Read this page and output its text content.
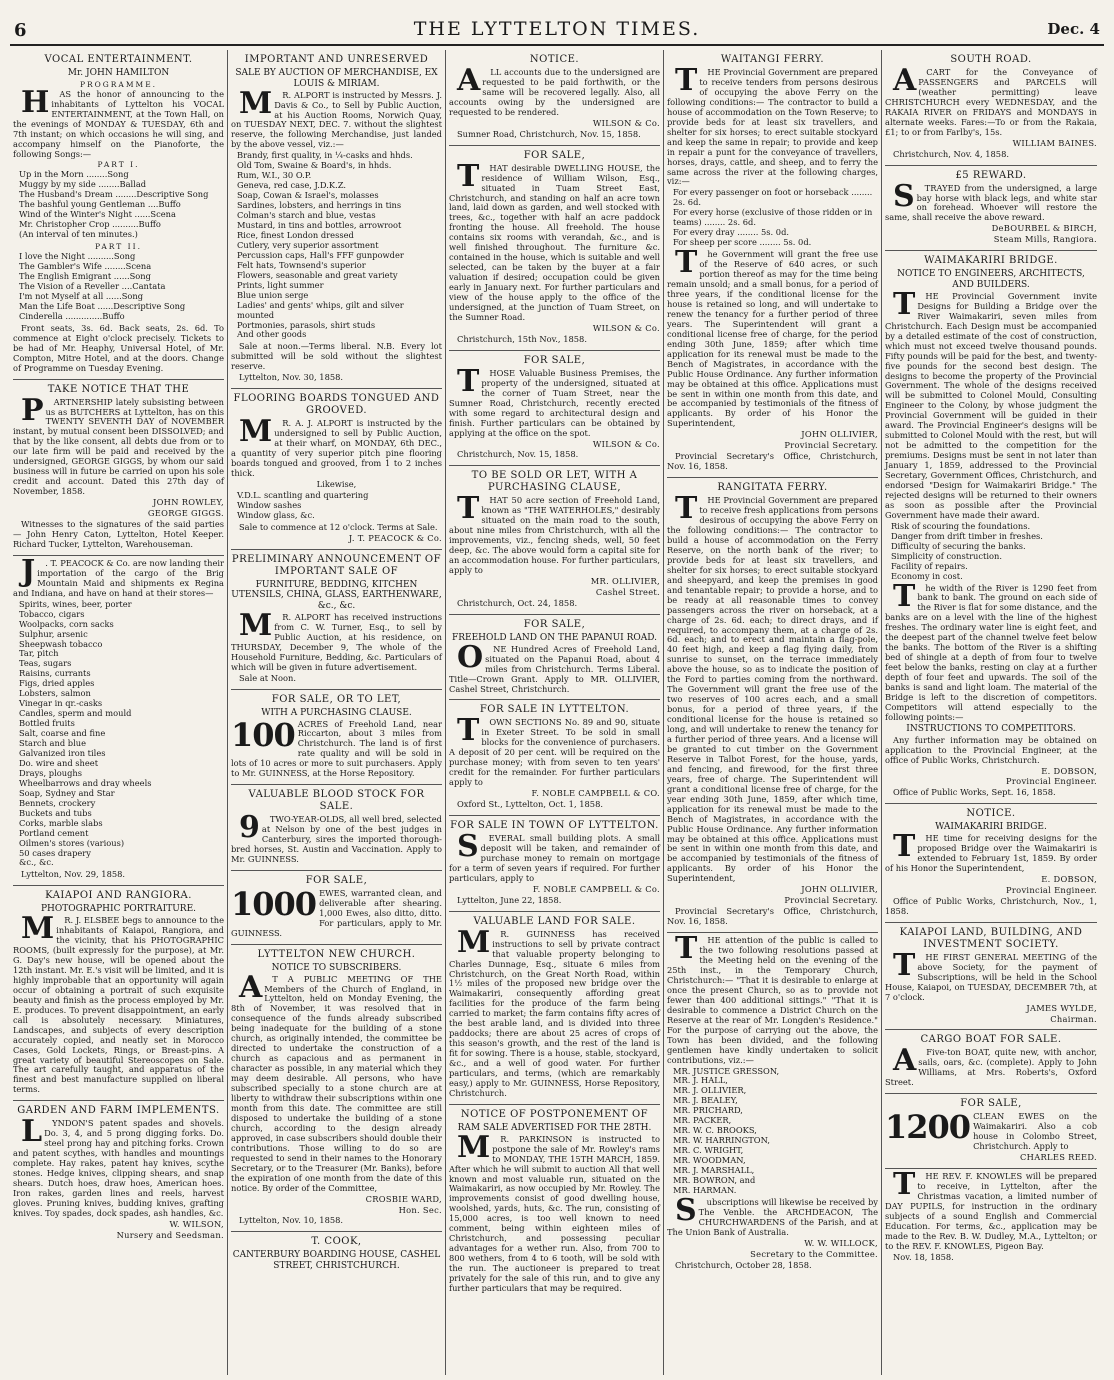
6	THE LYTTELTON TIMES.	Dec. 4
VOCAL ENTERTAINMENT.
Mr. JOHN HAMILTON
PROGRAMME.

H AS the honor of announcing to the inhabitants of Lyttelton his VOCAL ENTERTAINMENT, at the Town Hall, on the evenings of MONDAY & TUESDAY, 6th and 7th instant; on which occasions he will sing, and accompany himself on the Pianoforte, the following Songs:—

PART I.
Up in the Morn ........Song
Muggy by my side ........Ballad
The Husband's Dream ........Descriptive Song
The bashful young Gentleman ....Buffo
Wind of the Winter's Night ......Scena
Mr. Christopher Crop ..........Buffo
(An interval of ten minutes.)
PART II.
I love the Night ..........Song
The Gambler's Wife ........Scena
The English Emigrant ......Song
The Vision of a Reveller ....Cantata
I'm not Myself at all ......Song
Man the Life Boat ......Descriptive Song
Cinderella ..............Buffo

Front seats, 3s. 6d. Back seats, 2s. 6d. To commence at Eight o'clock precisely. Tickets to be had of Mr. Heaphy, Universal Hotel, of Mr. Compton, Mitre Hotel, and at the doors. Change of Programme on Tuesday Evening.

TAKE NOTICE THAT THE

P ARTNERSHIP lately subsisting between us as BUTCHERS at Lyttelton, has on this TWENTY SEVENTH DAY of NOVEMBER instant, by mutual consent been DISSOLVED; and that by the like consent, all debts due from or to our late firm will be paid and received by the undersigned, GEORGE GIGGS, by whom our said business will in future be carried on upon his sole credit and account. Dated this 27th day of November, 1858.

JOHN ROWLEY,

GEORGE GIGGS.

Witnesses to the signatures of the said parties— John Henry Caton, Lyttelton, Hotel Keeper. Richard Tucker, Lyttelton, Warehouseman.

J . T. PEACOCK & Co. are now landing their importation of the cargo of the Brig Mountain Maid and shipments ex Regina and Indiana, and have on hand at their stores—

Spirits, wines, beer, porter
Tobacco, cigars
Woolpacks, corn sacks
Sulphur, arsenic
Sheepwash tobacco
Tar, pitch
Teas, sugars
Raisins, currants
Figs, dried apples
Lobsters, salmon
Vinegar in qr.-casks
Candles, sperm and mould
Bottled fruits
Salt, coarse and fine
Starch and blue
Galvanized iron tiles
Do. wire and sheet
Drays, ploughs
Wheelbarrows and dray wheels
Soap, Sydney and Star
Bennets, crockery
Buckets and tubs
Corks, marble slabs
Portland cement
Oilmen's stores (various)
50 cases drapery
&c., &c.

Lyttelton, Nov. 29, 1858.

KAIAPOI AND RANGIORA.
PHOTOGRAPHIC PORTRAITURE.

M R. J. ELSBEE begs to announce to the inhabitants of Kaiapoi, Rangiora, and the vicinity, that his PHOTOGRAPHIC ROOMS, (built expressly for the purpose), at Mr. G. Day's new house, will be opened about the 12th instant. Mr. E.'s visit will be limited, and it is highly improbable that an opportunity will again occur of obtaining a portrait of such exquisite beauty and finish as the process employed by Mr. E. produces. To prevent disappointment, an early call is absolutely necessary. Miniatures, Landscapes, and subjects of every description accurately copied, and neatly set in Morocco Cases, Gold Lockets, Rings, or Breast-pins. A great variety of beautiful Stereoscopes on Sale. The art carefully taught, and apparatus of the finest and best manufacture supplied on liberal terms.

GARDEN AND FARM IMPLEMENTS.

L YNDON'S patent spades and shovels. Do. 3, 4, and 5 prong digging forks. Do. steel prong hay and pitching forks. Crown and patent scythes, with handles and mountings complete. Hay rakes, patent hay knives, scythe stones. Hedge knives, clipping shears, and snap shears. Dutch hoes, draw hoes, American hoes. Iron rakes, garden lines and reels, harvest gloves. Pruning knives, budding knives, grafting knives. Toy spades, dock spades, ash handles, &c.

W. WILSON,

Nursery and Seedsman.

IMPORTANT AND UNRESERVED
SALE BY AUCTION OF MERCHANDISE, EX LOUIS & MIRIAM.

M R. ALPORT is instructed by Messrs. J. Davis & Co., to Sell by Public Auction, at his Auction Rooms, Norwich Quay, on TUESDAY NEXT, DEC. 7. without the slightest reserve, the following Merchandise, just landed by the above vessel, viz.:—

Brandy, first quality, in ¼-casks and hhds.
Old Tom, Swaine & Board's, in hhds.
Rum, W.I., 30 O.P.
Geneva, red case, J.D.K.Z.
Soap, Cowan & Israel's, molasses
Sardines, lobsters, and herrings in tins
Colman's starch and blue, vestas
Mustard, in tins and bottles, arrowroot
Rice, finest London dressed
Cutlery, very superior assortment
Percussion caps, Hall's FFF gunpowder
Felt hats, Townsend's superior
Flowers, seasonable and great variety
Prints, light summer
Blue union serge
Ladies' and gents' whips, gilt and silver mounted
Portmonies, parasols, shirt studs
And other goods

Sale at noon.—Terms liberal. N.B. Every lot submitted will be sold without the slightest reserve.

Lyttelton, Nov. 30, 1858.

FLOORING BOARDS TONGUED AND GROOVED.

M R. A. J. ALPORT is instructed by the undersigned to sell by Public Auction, at their wharf, on MONDAY, 6th DEC., a quantity of very superior pitch pine flooring boards tongued and grooved, from 1 to 2 inches thick.

Likewise,
V.D.L. scantling and quartering
Window sashes
Window glass, &c.

Sale to commence at 12 o'clock. Terms at Sale.

J. T. PEACOCK & Co.

PRELIMINARY ANNOUNCEMENT OF IMPORTANT SALE OF
FURNITURE, BEDDING, KITCHEN UTENSILS, CHINA, GLASS, EARTHENWARE, &c., &c.

M R. ALPORT has received instructions from C. W. Turner, Esq., to sell by Public Auction, at his residence, on THURSDAY, December 9, The whole of the Household Furniture, Bedding, &c. Particulars of which will be given in future advertisement.

Sale at Noon.

FOR SALE, OR TO LET,
WITH A PURCHASING CLAUSE.

100 ACRES of Freehold Land, near Riccarton, about 3 miles from Christchurch. The land is of first rate quality and will be sold in lots of 10 acres or more to suit purchasers. Apply to Mr. GUINNESS, at the Horse Repository.

VALUABLE BLOOD STOCK FOR SALE.

9 TWO-YEAR-OLDS, all well bred, selected at Nelson by one of the best judges in Canterbury, sires the imported thorough-bred horses, St. Austin and Vaccination. Apply to Mr. GUINNESS.

FOR SALE,

1000 EWES, warranted clean, and deliverable after shearing. 1,000 Ewes, also ditto, ditto. For particulars, apply to Mr. GUINNESS.

LYTTELTON NEW CHURCH.
NOTICE TO SUBSCRIBERS.

A T A PUBLIC MEETING OF THE Members of the Church of England, in Lyttelton, held on Monday Evening, the 8th of November, it was resolved that in consequence of the funds already subscribed being inadequate for the building of a stone church, as originally intended, the committee be directed to undertake the construction of a church as capacious and as permanent in character as possible, in any material which they may deem desirable. All persons, who have subscribed specially to a stone church are at liberty to withdraw their subscriptions within one month from this date. The committee are still disposed to undertake the building of a stone church, according to the design already approved, in case subscribers should double their contributions. Those willing to do so are requested to send in their names to the Honorary Secretary, or to the Treasurer (Mr. Banks), before the expiration of one month from the date of this notice. By order of the Committee,

CROSBIE WARD,

Hon. Sec.

Lyttelton, Nov. 10, 1858.

T. COOK,
CANTERBURY BOARDING HOUSE, CASHEL STREET, CHRISTCHURCH.
NOTICE.

A LL accounts due to the undersigned are requested to be paid forthwith, or the same will be recovered legally. Also, all accounts owing by the undersigned are requested to be rendered.

WILSON & Co.

Sumner Road, Christchurch, Nov. 15, 1858.

FOR SALE,

T HAT desirable DWELLING HOUSE, the residence of William Wilson, Esq., situated in Tuam Street East, Christchurch, and standing on half an acre town land, laid down as garden, and well stocked with trees, &c., together with half an acre paddock fronting the house. All freehold. The house contains six rooms with verandah, &c., and is well finished throughout. The furniture &c. contained in the house, which is suitable and well selected, can be taken by the buyer at a fair valuation if desired; occupation could be given early in January next. For further particulars and view of the house apply to the office of the undersigned, at the junction of Tuam Street, on the Sumner Road.

WILSON & Co.

Christchurch, 15th Nov., 1858.

FOR SALE,

T HOSE Valuable Business Premises, the property of the undersigned, situated at the corner of Tuam Street, near the Sumner Road, Christchurch, recently erected with some regard to architectural design and finish. Further particulars can be obtained by applying at the office on the spot.

WILSON & Co.

Christchurch, Nov. 15, 1858.

TO BE SOLD OR LET, WITH A PURCHASING CLAUSE,

T HAT 50 acre section of Freehold Land, known as "THE WATERHOLES," desirably situated on the main road to the south, about nine miles from Christchurch, with all the improvements, viz., fencing sheds, well, 50 feet deep, &c. The above would form a capital site for an accommodation house. For further particulars, apply to

MR. OLLIVIER,

Cashel Street.

Christchurch, Oct. 24, 1858.

FOR SALE,
FREEHOLD LAND ON THE PAPANUI ROAD.

O NE Hundred Acres of Freehold Land, situated on the Papanui Road, about 4 miles from Christchurch. Terms Liberal. Title—Crown Grant. Apply to MR. OLLIVIER, Cashel Street, Christchurch.

FOR SALE IN LYTTELTON.

T OWN SECTIONS No. 89 and 90, situate in Exeter Street. To be sold in small blocks for the convenience of purchasers. A deposit of 20 per cent. will be required on the purchase money; with from seven to ten years' credit for the remainder. For further particulars apply to

F. NOBLE CAMPBELL & CO.

Oxford St., Lyttelton, Oct. 1, 1858.

FOR SALE IN TOWN OF LYTTELTON.

S EVERAL small building plots. A small deposit will be taken, and remainder of purchase money to remain on mortgage for a term of seven years if required. For further particulars, apply to

F. NOBLE CAMPBELL & Co.

Lyttelton, June 22, 1858.

VALUABLE LAND FOR SALE.

M R. GUINNESS has received instructions to sell by private contract that valuable property belonging to Charles Dunnage, Esq., situate 6 miles from Christchurch, on the Great North Road, within 1½ miles of the proposed new bridge over the Waimakariri, consequently affording great facilities for the produce of the farm being carried to market; the farm contains fifty acres of the best arable land, and is divided into three paddocks; there are about 25 acres of crops of this season's growth, and the rest of the land is fit for sowing. There is a house, stable, stockyard, &c., and a well of good water. For further particulars, and terms, (which are remarkably easy,) apply to Mr. GUINNESS, Horse Repository, Christchurch.

NOTICE OF POSTPONEMENT OF
RAM SALE ADVERTISED FOR THE 28TH.

M R. PARKINSON is instructed to postpone the sale of Mr. Rowley's rams to MONDAY, THE 15TH MARCH, 1859. After which he will submit to auction All that well known and most valuable run, situated on the Waimakariri, as now occupied by Mr. Rowley. The improvements consist of good dwelling house, woolshed, yards, huts, &c. The run, consisting of 15,000 acres, is too well known to need comment, being within eighteen miles of Christchurch, and possessing peculiar advantages for a wether run. Also, from 700 to 800 wethers, from 4 to 6 tooth, will be sold with the run. The auctioneer is prepared to treat privately for the sale of this run, and to give any further particulars that may be required.

WAITANGI FERRY.

T HE Provincial Government are prepared to receive tenders from persons desirous of occupying the above Ferry on the following conditions:— The contractor to build a house of accommodation on the Town Reserve; to provide beds for at least six travellers, and shelter for six horses; to erect suitable stockyard and keep the same in repair; to provide and keep in repair a punt for the conveyance of travellers, horses, drays, cattle, and sheep, and to ferry the same across the river at the following charges, viz:—

For every passenger on foot or horseback ........ 2s. 6d.
For every horse (exclusive of those ridden or in teams) ........ 2s. 6d.
For every dray ........ 5s. 0d.
For sheep per score ........ 5s. 0d.

T he Government will grant the free use of the Reserve of 640 acres, or such portion thereof as may for the time being remain unsold; and a small bonus, for a period of three years, if the conditional license for the house is retained so long, and will undertake to renew the tenancy for a further period of three years. The Superintendent will grant a conditional license free of charge, for the period ending 30th June, 1859; after which time application for its renewal must be made to the Bench of Magistrates, in accordance with the Public House Ordinance. Any further information may be obtained at this office. Applications must be sent in within one month from this date, and be accompanied by testimonials of the fitness of applicants. By order of his Honor the Superintendent,

JOHN OLLIVIER,

Provincial Secretary.

Provincial Secretary's Office, Christchurch, Nov. 16, 1858.

RANGITATA FERRY.

T HE Provincial Government are prepared to receive fresh applications from persons desirous of occupying the above Ferry on the following conditions:— The contractor to build a house of accommodation on the Ferry Reserve, on the north bank of the river; to provide beds for at least six travellers, and shelter for six horses; to erect suitable stockyard and sheepyard, and keep the premises in good and tenantable repair; to provide a horse, and to be ready at all reasonable times to convey passengers across the river on horseback, at a charge of 2s. 6d. each; to direct drays, and if required, to accompany them, at a charge of 2s. 6d. each; and to erect and maintain a flag-pole, 40 feet high, and keep a flag flying daily, from sunrise to sunset, on the terrace immediately above the house, so as to indicate the position of the Ford to parties coming from the northward. The Government will grant the free use of the two reserves of 100 acres each, and a small bonus, for a period of three years, if the conditional license for the house is retained so long, and will undertake to renew the tenancy for a further period of three years. And a license will be granted to cut timber on the Government Reserve in Talbot Forest, for the house, yards, and fencing, and firewood, for the first three years, free of charge. The Superintendent will grant a conditional license free of charge, for the year ending 30th June, 1859, after which time, application for its renewal must be made to the Bench of Magistrates, in accordance with the Public House Ordinance. Any further information may be obtained at this office. Applications must be sent in within one month from this date, and be accompanied by testimonials of the fitness of applicants. By order of his Honor the Superintendent,

JOHN OLLIVIER,

Provincial Secretary.

Provincial Secretary's Office, Christchurch, Nov. 16, 1858.

T HE attention of the public is called to the two following resolutions passed at the Meeting held on the evening of the 25th inst., in the Temporary Church, Christchurch:— "That it is desirable to enlarge at once the present Church, so as to provide not fewer than 400 additional sittings." "That it is desirable to commence a District Church on the Reserve at the rear of Mr. Longden's Residence." For the purpose of carrying out the above, the Town has been divided, and the following gentlemen have kindly undertaken to solicit contributions, viz.:—

MR. JUSTICE GRESSON,
MR. J. HALL,
MR. J. OLLIVIER,
MR. J. BEALEY,
MR. PRICHARD,
MR. PACKER,
MR. W. C. BROOKS,
MR. W. HARRINGTON,
MR. C. WRIGHT,
MR. WOODMAN,
MR. J. MARSHALL,
MR. BOWRON, and
MR. HARMAN.

S ubscriptions will likewise be received by The Venble. the ARCHDEACON, The CHURCHWARDENS of the Parish, and at The Union Bank of Australia.

W. W. WILLOCK,

Secretary to the Committee.

Christchurch, October 28, 1858.

SOUTH ROAD.

A CART for the Conveyance of PASSENGERS and PARCELS will (weather permitting) leave CHRISTCHURCH every WEDNESDAY, and the RAKAIA RIVER on FRIDAYS and MONDAYS in alternate weeks. Fares:—To or from the Rakaia, £1; to or from Farlby's, 15s.

WILLIAM BAINES.

Christchurch, Nov. 4, 1858.

£5 REWARD.

S TRAYED from the undersigned, a large bay horse with black legs, and white star on forehead. Whoever will restore the same, shall receive the above reward.

DeBOURBEL & BIRCH,

Steam Mills, Rangiora.

WAIMAKARIRI BRIDGE.
NOTICE TO ENGINEERS, ARCHITECTS, AND BUILDERS.

T HE Provincial Government invite Designs for Building a Bridge over the River Waimakariri, seven miles from Christchurch. Each Design must be accompanied by a detailed estimate of the cost of construction, which must not exceed twelve thousand pounds. Fifty pounds will be paid for the best, and twenty-five pounds for the second best design. The designs to become the property of the Provincial Government. The whole of the designs received will be submitted to Colonel Mould, Consulting Engineer to the Colony, by whose judgment the Provincial Government will be guided in their award. The Provincial Engineer's designs will be submitted to Colonel Mould with the rest, but will not be admitted to the competition for the premiums. Designs must be sent in not later than January 1, 1859, addressed to the Provincial Secretary, Government Offices, Christchurch, and endorsed "Design for Waimakariri Bridge." The rejected designs will be returned to their owners as soon as possible after the Provincial Government have made their award.

Risk of scouring the foundations.
Danger from drift timber in freshes.
Difficulty of securing the banks.
Simplicity of construction.
Facility of repairs.
Economy in cost.

T he width of the River is 1290 feet from bank to bank. The ground on each side of the River is flat for some distance, and the banks are on a level with the line of the highest freshes. The ordinary water line is eight feet, and the deepest part of the channel twelve feet below the banks. The bottom of the River is a shifting bed of shingle at a depth of from four to twelve feet below the banks, resting on clay at a further depth of four feet and upwards. The soil of the banks is sand and light loam. The material of the Bridge is left to the discretion of competitors. Competitors will attend especially to the following points:—

INSTRUCTIONS TO COMPETITORS.

Any further information may be obtained on application to the Provincial Engineer, at the office of Public Works, Christchurch.

E. DOBSON,

Provincial Engineer.

Office of Public Works, Sept. 16, 1858.

NOTICE.
WAIMAKARIRI BRIDGE.

T HE time for receiving designs for the proposed Bridge over the Waimakariri is extended to February 1st, 1859. By order of his Honor the Superintendent,

E. DOBSON,

Provincial Engineer.

Office of Public Works, Christchurch, Nov., 1, 1858.

KAIAPOI LAND, BUILDING, AND INVESTMENT SOCIETY.

T HE FIRST GENERAL MEETING of the above Society, for the payment of Subscriptions, will be held in the School House, Kaiapoi, on TUESDAY, DECEMBER 7th, at 7 o'clock.

JAMES WYLDE,

Chairman.

CARGO BOAT FOR SALE.

A Five-ton BOAT, quite new, with anchor, sails, oars, &c. (complete). Apply to John Williams, at Mrs. Roberts's, Oxford Street.

FOR SALE,

1200 CLEAN EWES on the Waimakariri. Also a cob house in Colombo Street, Christchurch. Apply to

CHARLES REED.

T HE REV. F. KNOWLES will be prepared to receive, in Lyttelton, after the Christmas vacation, a limited number of DAY PUPILS, for instruction in the ordinary subjects of a sound English and Commercial Education. For terms, &c., application may be made to the Rev. B. W. Dudley, M.A., Lyttelton; or to the REV. F. KNOWLES, Pigeon Bay.

Nov. 18, 1858.
